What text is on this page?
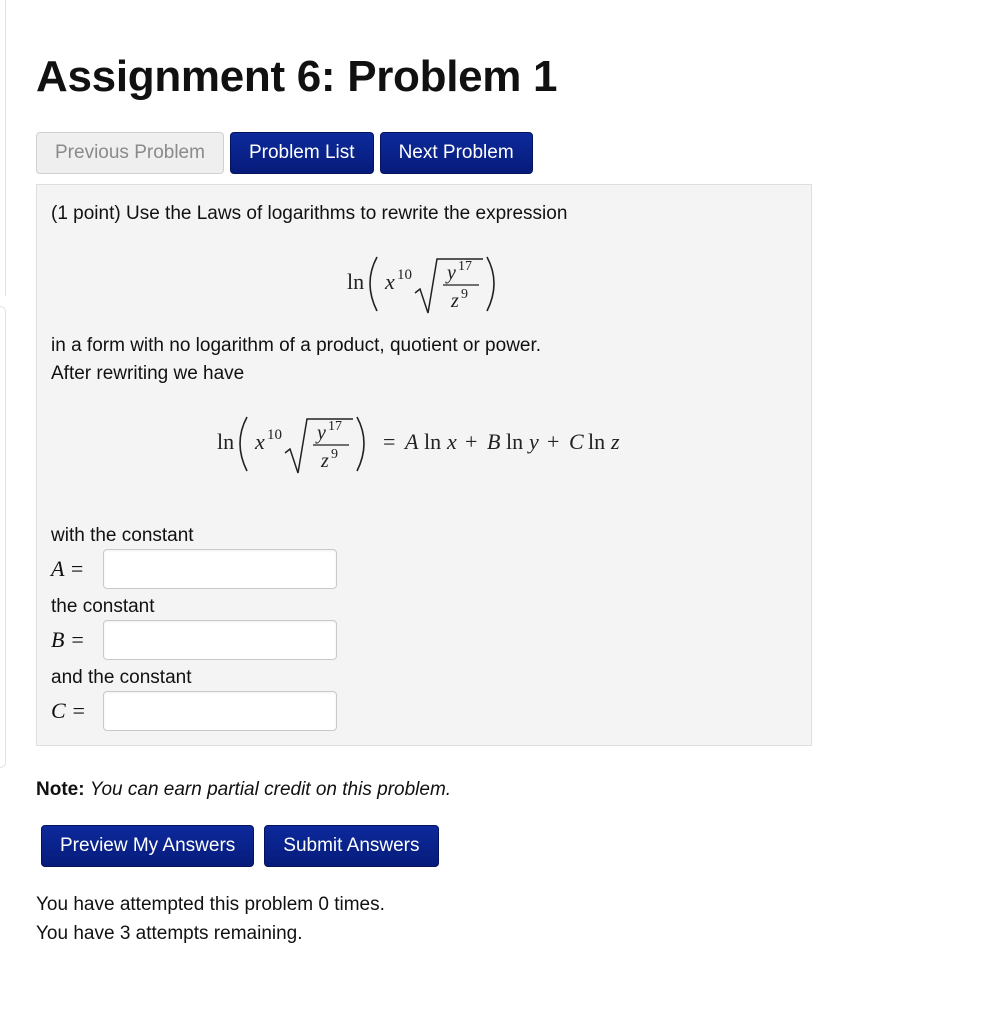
Assignment 6: Problem 1
Previous Problem	Problem List	Next Problem
(1 point) Use the Laws of logarithms to rewrite the expression
ln x 10 y 17
z 9
in a form with no logarithm of a product, quotient or power.
After rewriting we have
ln x 10 y 17
z 9
= A ln x + B ln y + C ln z
with the constant
A =
the constant
B =
and the constant
C =
Note: You can earn partial credit on this problem.
Preview My Answers	Submit Answers
You have attempted this problem 0 times.
You have 3 attempts remaining.
